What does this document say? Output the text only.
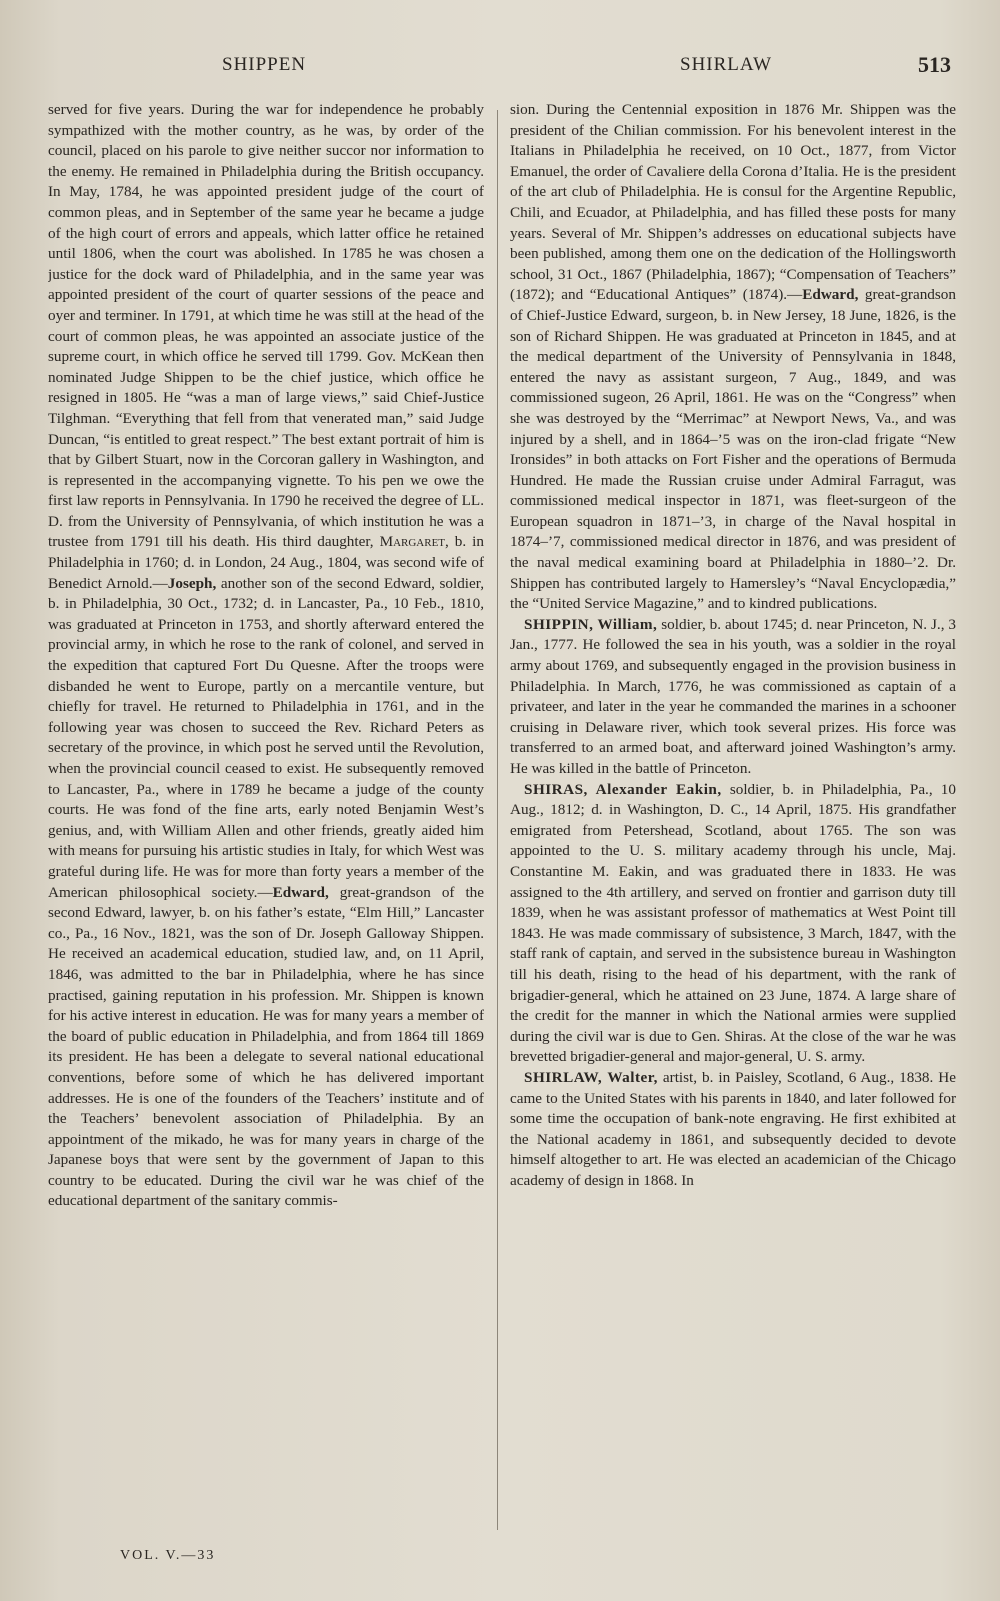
SHIPPEN	SHIRLAW	513

served for five years. During the war for independence he probably sympathized with the mother country, as he was, by order of the council, placed on his parole to give neither succor nor information to the enemy. He remained in Philadelphia during the British occupancy. In May, 1784, he was appointed president judge of the court of common pleas, and in September of the same year he became a judge of the high court of errors and appeals, which latter office he retained until 1806, when the court was abolished. In 1785 he was chosen a justice for the dock ward of Philadelphia, and in the same year was appointed president of the court of quarter sessions of the peace and oyer and terminer. In 1791, at which time he was still at the head of the court of common pleas, he was appointed an associate justice of the supreme court, in which office he served till 1799. Gov. McKean then nominated Judge Shippen to be the chief justice, which office he resigned in 1805. He “was a man of large views,” said Chief-Justice Tilghman. “Everything that fell from that venerated man,” said Judge Duncan, “is entitled to great respect.” The best extant portrait of him is that by Gilbert Stuart, now in the Corcoran gallery in Washington, and is represented in the accompanying vignette. To his pen we owe the first law reports in Pennsylvania. In 1790 he received the degree of LL. D. from the University of Pennsylvania, of which institution he was a trustee from 1791 till his death. His third daughter, Margaret, b. in Philadelphia in 1760; d. in London, 24 Aug., 1804, was second wife of Benedict Arnold.—Joseph, another son of the second Edward, soldier, b. in Philadelphia, 30 Oct., 1732; d. in Lancaster, Pa., 10 Feb., 1810, was graduated at Princeton in 1753, and shortly afterward entered the provincial army, in which he rose to the rank of colonel, and served in the expedition that captured Fort Du Quesne. After the troops were disbanded he went to Europe, partly on a mercantile venture, but chiefly for travel. He returned to Philadelphia in 1761, and in the following year was chosen to succeed the Rev. Richard Peters as secretary of the province, in which post he served until the Revolution, when the provincial council ceased to exist. He subsequently removed to Lancaster, Pa., where in 1789 he became a judge of the county courts. He was fond of the fine arts, early noted Benjamin West’s genius, and, with William Allen and other friends, greatly aided him with means for pursuing his artistic studies in Italy, for which West was grateful during life. He was for more than forty years a member of the American philosophical society.—Edward, great-grandson of the second Edward, lawyer, b. on his father’s estate, “Elm Hill,” Lancaster co., Pa., 16 Nov., 1821, was the son of Dr. Joseph Galloway Shippen. He received an academical education, studied law, and, on 11 April, 1846, was admitted to the bar in Philadelphia, where he has since practised, gaining reputation in his profession. Mr. Shippen is known for his active interest in education. He was for many years a member of the board of public education in Philadelphia, and from 1864 till 1869 its president. He has been a delegate to several national educational conventions, before some of which he has delivered important addresses. He is one of the founders of the Teachers’ institute and of the Teachers’ benevolent association of Philadelphia. By an appointment of the mikado, he was for many years in charge of the Japanese boys that were sent by the government of Japan to this country to be educated. During the civil war he was chief of the educational department of the sanitary commis-

sion. During the Centennial exposition in 1876 Mr. Shippen was the president of the Chilian commission. For his benevolent interest in the Italians in Philadelphia he received, on 10 Oct., 1877, from Victor Emanuel, the order of Cavaliere della Corona d’Italia. He is the president of the art club of Philadelphia. He is consul for the Argentine Republic, Chili, and Ecuador, at Philadelphia, and has filled these posts for many years. Several of Mr. Shippen’s addresses on educational subjects have been published, among them one on the dedication of the Hollingsworth school, 31 Oct., 1867 (Philadelphia, 1867); “Compensation of Teachers” (1872); and “Educational Antiques” (1874).—Edward, great-grandson of Chief-Justice Edward, surgeon, b. in New Jersey, 18 June, 1826, is the son of Richard Shippen. He was graduated at Princeton in 1845, and at the medical department of the University of Pennsylvania in 1848, entered the navy as assistant surgeon, 7 Aug., 1849, and was commissioned sugeon, 26 April, 1861. He was on the “Congress” when she was destroyed by the “Merrimac” at Newport News, Va., and was injured by a shell, and in 1864–’5 was on the iron-clad frigate “New Ironsides” in both attacks on Fort Fisher and the operations of Bermuda Hundred. He made the Russian cruise under Admiral Farragut, was commissioned medical inspector in 1871, was fleet-surgeon of the European squadron in 1871–’3, in charge of the Naval hospital in 1874–’7, commissioned medical director in 1876, and was president of the naval medical examining board at Philadelphia in 1880–’2. Dr. Shippen has contributed largely to Hamersley’s “Naval Encyclopædia,” the “United Service Magazine,” and to kindred publications.

SHIPPIN, William, soldier, b. about 1745; d. near Princeton, N. J., 3 Jan., 1777. He followed the sea in his youth, was a soldier in the royal army about 1769, and subsequently engaged in the provision business in Philadelphia. In March, 1776, he was commissioned as captain of a privateer, and later in the year he commanded the marines in a schooner cruising in Delaware river, which took several prizes. His force was transferred to an armed boat, and afterward joined Washington’s army. He was killed in the battle of Princeton.

SHIRAS, Alexander Eakin, soldier, b. in Philadelphia, Pa., 10 Aug., 1812; d. in Washington, D. C., 14 April, 1875. His grandfather emigrated from Petershead, Scotland, about 1765. The son was appointed to the U. S. military academy through his uncle, Maj. Constantine M. Eakin, and was graduated there in 1833. He was assigned to the 4th artillery, and served on frontier and garrison duty till 1839, when he was assistant professor of mathematics at West Point till 1843. He was made commissary of subsistence, 3 March, 1847, with the staff rank of captain, and served in the subsistence bureau in Washington till his death, rising to the head of his department, with the rank of brigadier-general, which he attained on 23 June, 1874. A large share of the credit for the manner in which the National armies were supplied during the civil war is due to Gen. Shiras. At the close of the war he was brevetted brigadier-general and major-general, U. S. army.

SHIRLAW, Walter, artist, b. in Paisley, Scotland, 6 Aug., 1838. He came to the United States with his parents in 1840, and later followed for some time the occupation of bank-note engraving. He first exhibited at the National academy in 1861, and subsequently decided to devote himself altogether to art. He was elected an academician of the Chicago academy of design in 1868. In

VOL. V.—33
